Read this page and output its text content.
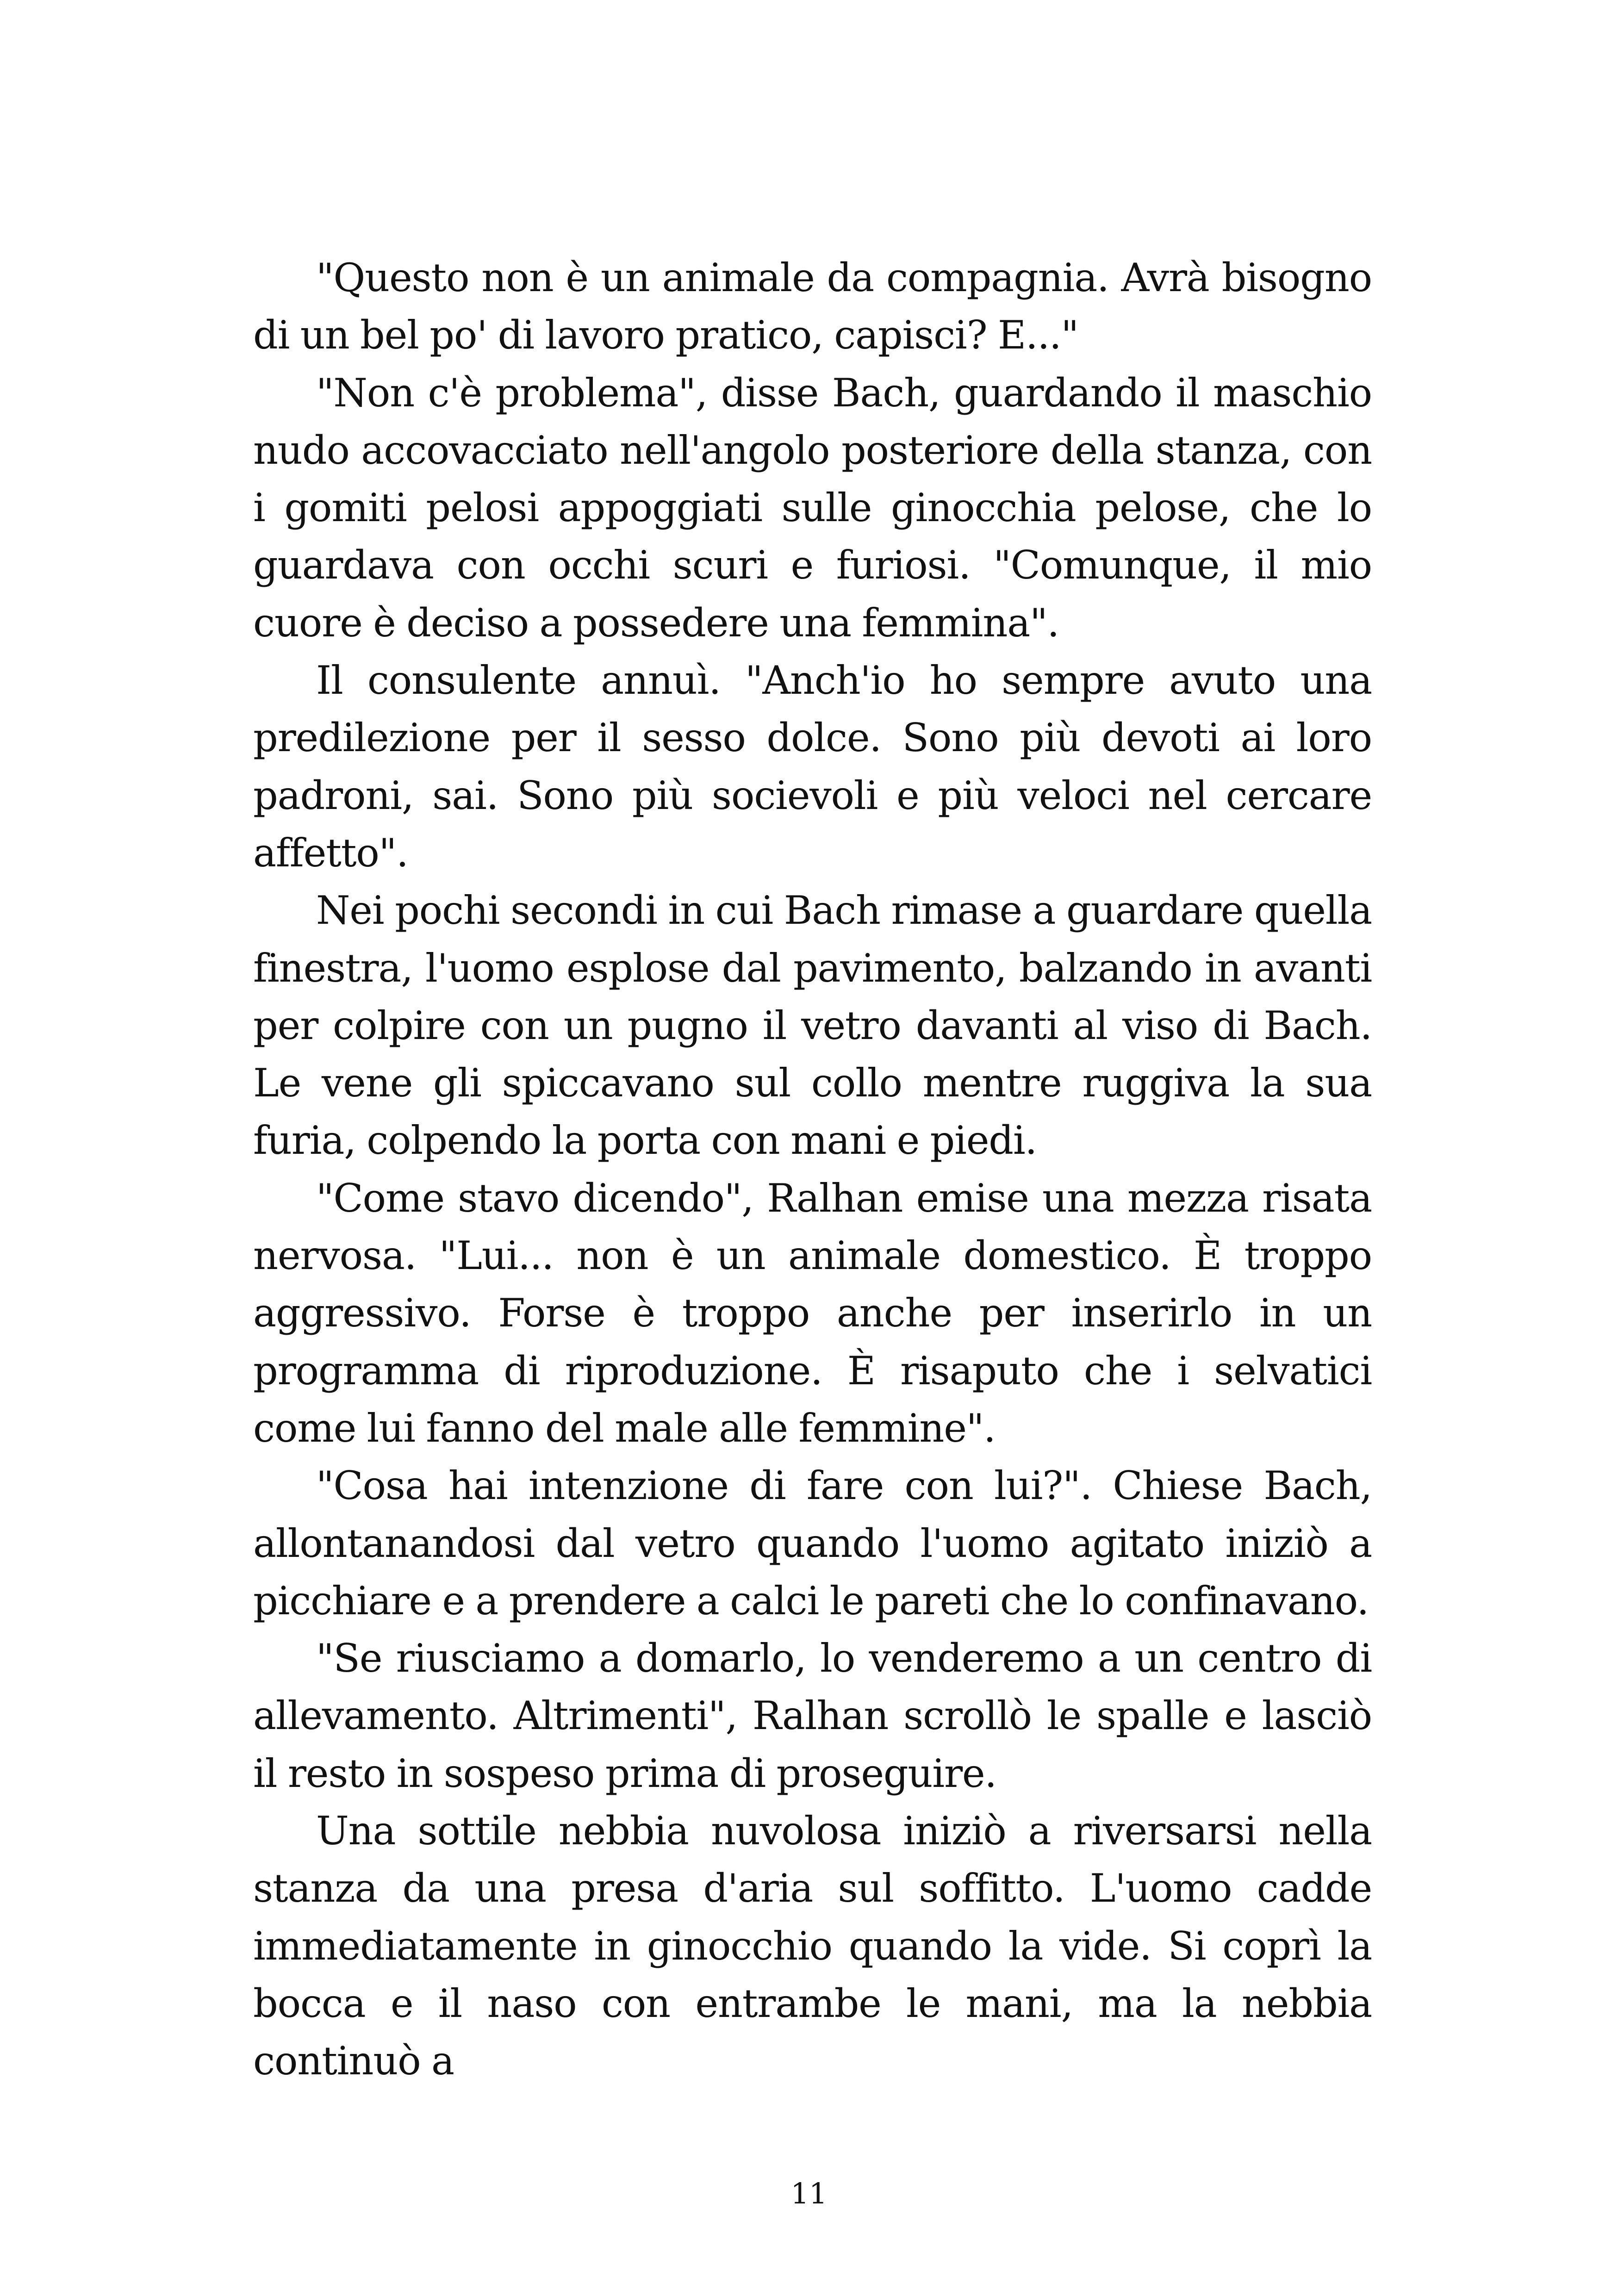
"Questo non è un animale da compagnia. Avrà bisogno di un bel po' di lavoro pratico, capisci? E..."

"Non c'è problema", disse Bach, guardando il maschio nudo accovacciato nell'angolo posteriore della stanza, con i gomiti pelosi appoggiati sulle ginocchia pelose, che lo guardava con occhi scuri e furiosi. "Comunque, il mio cuore è deciso a possedere una femmina".

Il consulente annuì. "Anch'io ho sempre avuto una predilezione per il sesso dolce. Sono più devoti ai loro padroni, sai. Sono più socievoli e più veloci nel cercare affetto".

Nei pochi secondi in cui Bach rimase a guardare quella finestra, l'uomo esplose dal pavimento, balzando in avanti per colpire con un pugno il vetro davanti al viso di Bach. Le vene gli spiccavano sul collo mentre ruggiva la sua furia, colpendo la porta con mani e piedi.

"Come stavo dicendo", Ralhan emise una mezza risata nervosa. "Lui... non è un animale domestico. È troppo aggressivo. Forse è troppo anche per inserirlo in un programma di riproduzione. È risaputo che i selvatici come lui fanno del male alle femmine".

"Cosa hai intenzione di fare con lui?". Chiese Bach, allontanandosi dal vetro quando l'uomo agitato iniziò a picchiare e a prendere a calci le pareti che lo confinavano.

"Se riusciamo a domarlo, lo venderemo a un centro di allevamento. Altrimenti", Ralhan scrollò le spalle e lasciò il resto in sospeso prima di proseguire.

Una sottile nebbia nuvolosa iniziò a riversarsi nella stanza da una presa d'aria sul soffitto. L'uomo cadde immediatamente in ginocchio quando la vide. Si coprì la bocca e il naso con entrambe le mani, ma la nebbia continuò a

11
